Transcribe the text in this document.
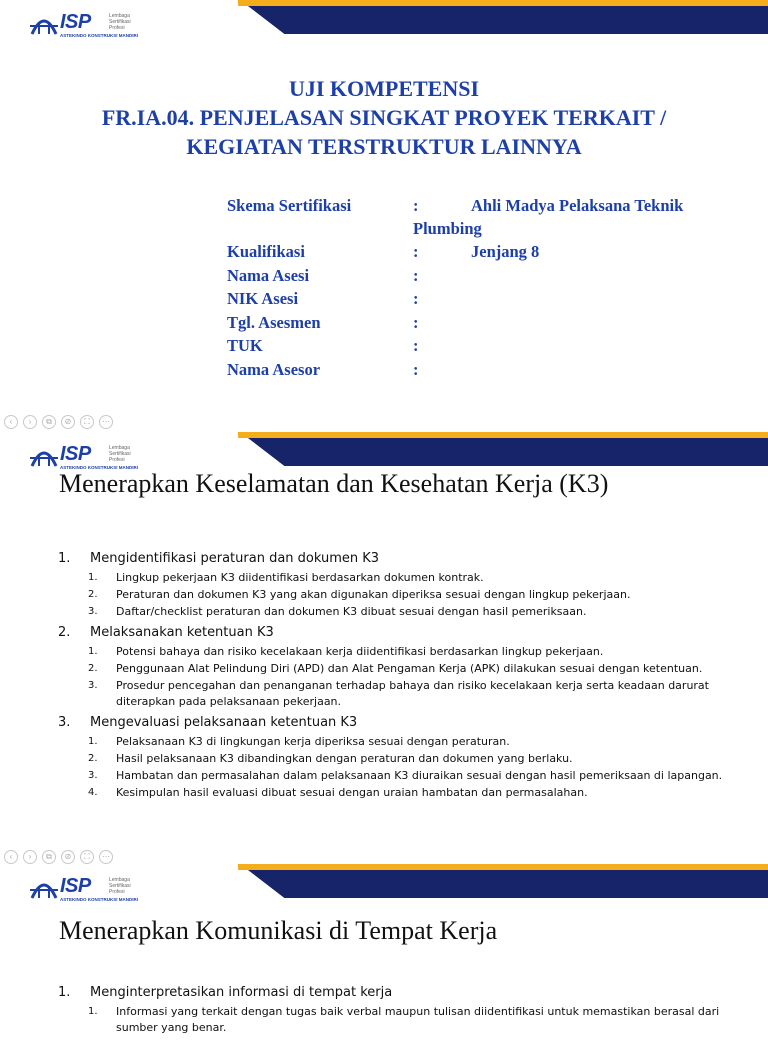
ISP	Lembaga
Sertifikasi
Profesi
ASTEKINDO KONSTRUKSI MANDIRI
UJI KOMPETENSI
FR.IA.04. PENJELASAN SINGKAT PROYEK TERKAIT /
KEGIATAN TERSTRUKTUR LAINNYA
Skema Sertifikasi	:	Ahli Madya Pelaksana Teknik
Plumbing
Kualifikasi	:	Jenjang 8
Nama Asesi	:
NIK Asesi	:
Tgl. Asesmen	:
TUK	:
Nama Asesor	:
‹	›	⧉	⊘	⛶	⋯
ISP	Lembaga
Sertifikasi
Profesi
ASTEKINDO KONSTRUKSI MANDIRI
Menerapkan Keselamatan dan Kesehatan Kerja (K3)
1. Mengidentifikasi peraturan dan dokumen K3
1. Lingkup pekerjaan K3 diidentifikasi berdasarkan dokumen kontrak.
2. Peraturan dan dokumen K3 yang akan digunakan diperiksa sesuai dengan lingkup pekerjaan.
3. Daftar/checklist peraturan dan dokumen K3 dibuat sesuai dengan hasil pemeriksaan.
2. Melaksanakan ketentuan K3
1. Potensi bahaya dan risiko kecelakaan kerja diidentifikasi berdasarkan lingkup pekerjaan.
2. Penggunaan Alat Pelindung Diri (APD) dan Alat Pengaman Kerja (APK) dilakukan sesuai dengan ketentuan.
3. Prosedur pencegahan dan penanganan terhadap bahaya dan risiko kecelakaan kerja serta keadaan darurat diterapkan pada pelaksanaan pekerjaan.
3. Mengevaluasi pelaksanaan ketentuan K3
1. Pelaksanaan K3 di lingkungan kerja diperiksa sesuai dengan peraturan.
2. Hasil pelaksanaan K3 dibandingkan dengan peraturan dan dokumen yang berlaku.
3. Hambatan dan permasalahan dalam pelaksanaan K3 diuraikan sesuai dengan hasil pemeriksaan di lapangan.
4. Kesimpulan hasil evaluasi dibuat sesuai dengan uraian hambatan dan permasalahan.
‹	›	⧉	⊘	⛶	⋯
ISP	Lembaga
Sertifikasi
Profesi
ASTEKINDO KONSTRUKSI MANDIRI
Menerapkan Komunikasi di Tempat Kerja
1. Menginterpretasikan informasi di tempat kerja
1. Informasi yang terkait dengan tugas baik verbal maupun tulisan diidentifikasi untuk memastikan berasal dari sumber yang benar.
